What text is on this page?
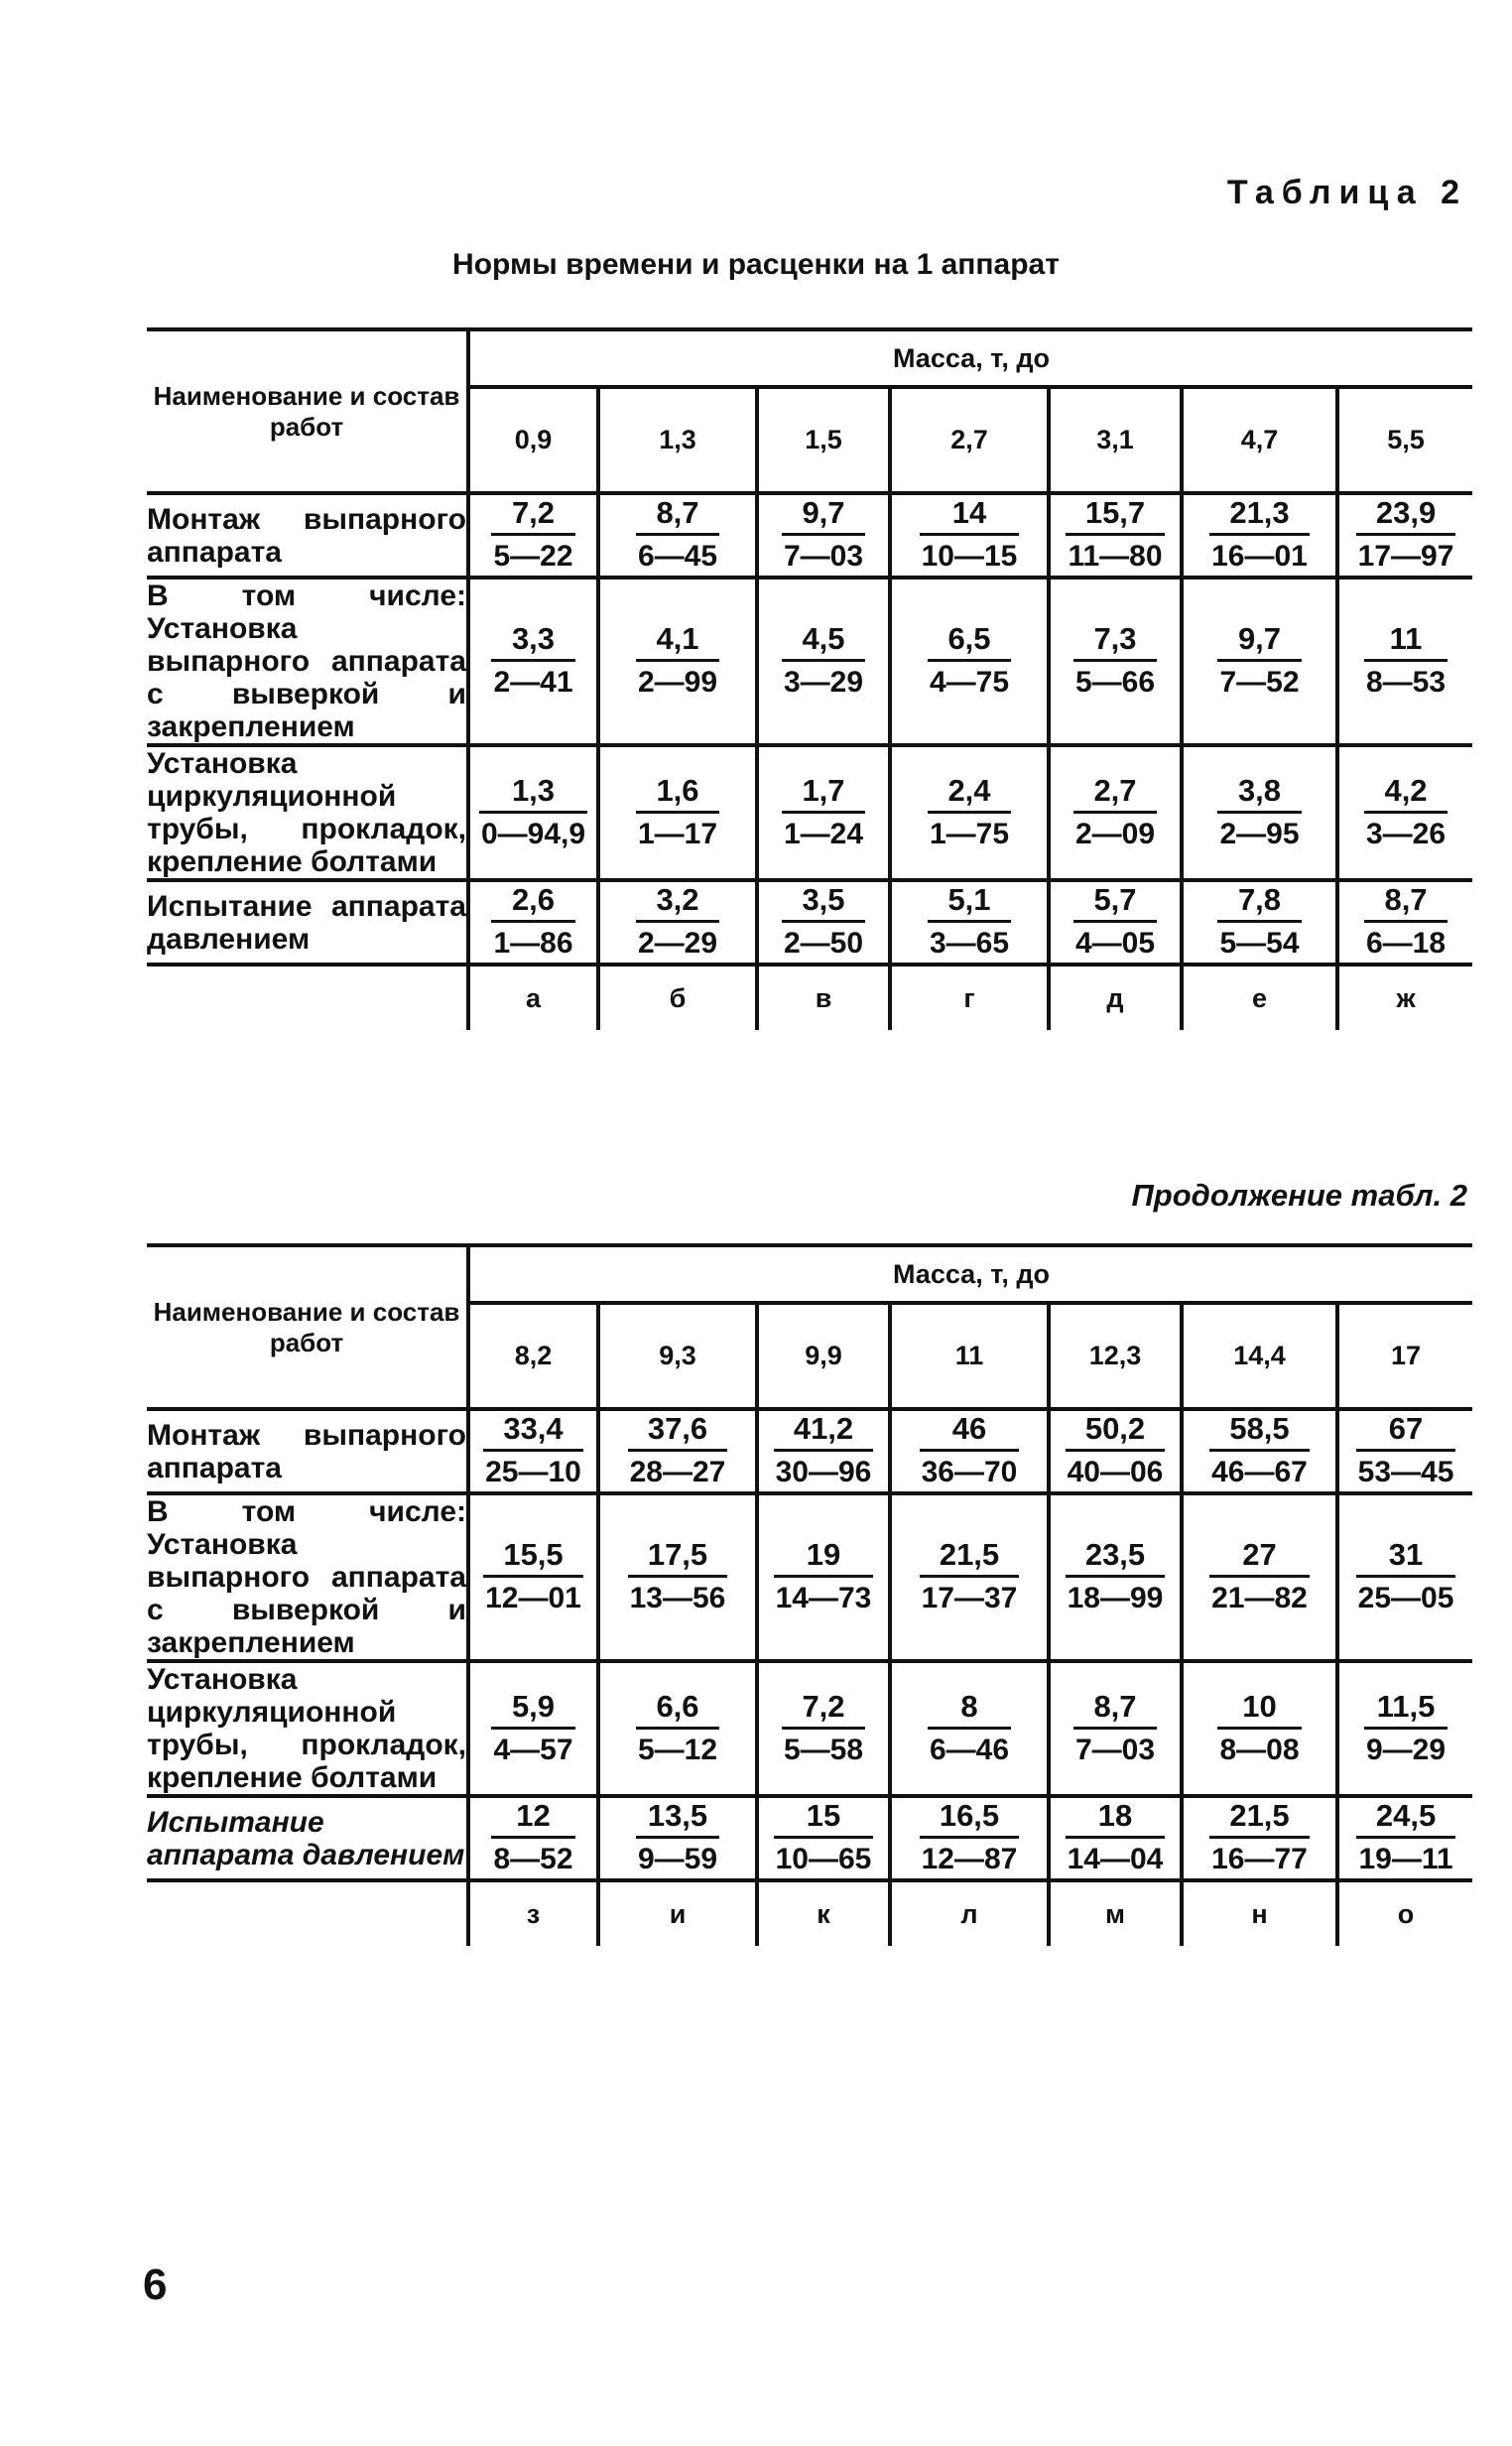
Таблица 2
Нормы времени и расценки на 1 аппарат
Наименование и состав работ	Масса, т, до						
	0,9	1,3	1,5	2,7	3,1	4,7	5,5
Монтаж выпарного аппарата	$\frac{7,2}{5—22}$	$\frac{8,7}{6—45}$	$\frac{9,7}{7—03}$	$\frac{14}{10—15}$	$\frac{15,7}{11—80}$	$\frac{21,3}{16—01}$	$\frac{23,9}{17—97}$

В том числе: Установка выпарного аппарата с выверкой и закреплением	$\frac{3,3}{2—41}$	$\frac{4,1}{2—99}$	$\frac{4,5}{3—29}$	$\frac{6,5}{4—75}$	$\frac{7,3}{5—66}$	$\frac{9,7}{7—52}$	$\frac{11}{8—53}$

Установка циркуляционной трубы, прокладок, крепление болтами	$\frac{1,3}{0—94,9}$	$\frac{1,6}{1—17}$	$\frac{1,7}{1—24}$	$\frac{2,4}{1—75}$	$\frac{2,7}{2—09}$	$\frac{3,8}{2—95}$	$\frac{4,2}{3—26}$

Испытание аппарата давлением	$\frac{2,6}{1—86}$	$\frac{3,2}{2—29}$	$\frac{3,5}{2—50}$	$\frac{5,1}{3—65}$	$\frac{5,7}{4—05}$	$\frac{7,8}{5—54}$	$\frac{8,7}{6—18}$

	а	б	в	г	д	е	ж
Продолжение табл. 2
Наименование и состав работ	Масса, т, до						
	8,2	9,3	9,9	11	12,3	14,4	17
Монтаж выпарного аппарата	$\frac{33,4}{25—10}$	$\frac{37,6}{28—27}$	$\frac{41,2}{30—96}$	$\frac{46}{36—70}$	$\frac{50,2}{40—06}$	$\frac{58,5}{46—67}$	$\frac{67}{53—45}$

В том числе: Установка выпарного аппарата с выверкой и закреплением	$\frac{15,5}{12—01}$	$\frac{17,5}{13—56}$	$\frac{19}{14—73}$	$\frac{21,5}{17—37}$	$\frac{23,5}{18—99}$	$\frac{27}{21—82}$	$\frac{31}{25—05}$

Установка циркуляционной трубы, прокладок, крепление болтами	$\frac{5,9}{4—57}$	$\frac{6,6}{5—12}$	$\frac{7,2}{5—58}$	$\frac{8}{6—46}$	$\frac{8,7}{7—03}$	$\frac{10}{8—08}$	$\frac{11,5}{9—29}$

Испытание аппарата давлением	$\frac{12}{8—52}$	$\frac{13,5}{9—59}$	$\frac{15}{10—65}$	$\frac{16,5}{12—87}$	$\frac{18}{14—04}$	$\frac{21,5}{16—77}$	$\frac{24,5}{19—11}$

	з	и	к	л	м	н	о
6
